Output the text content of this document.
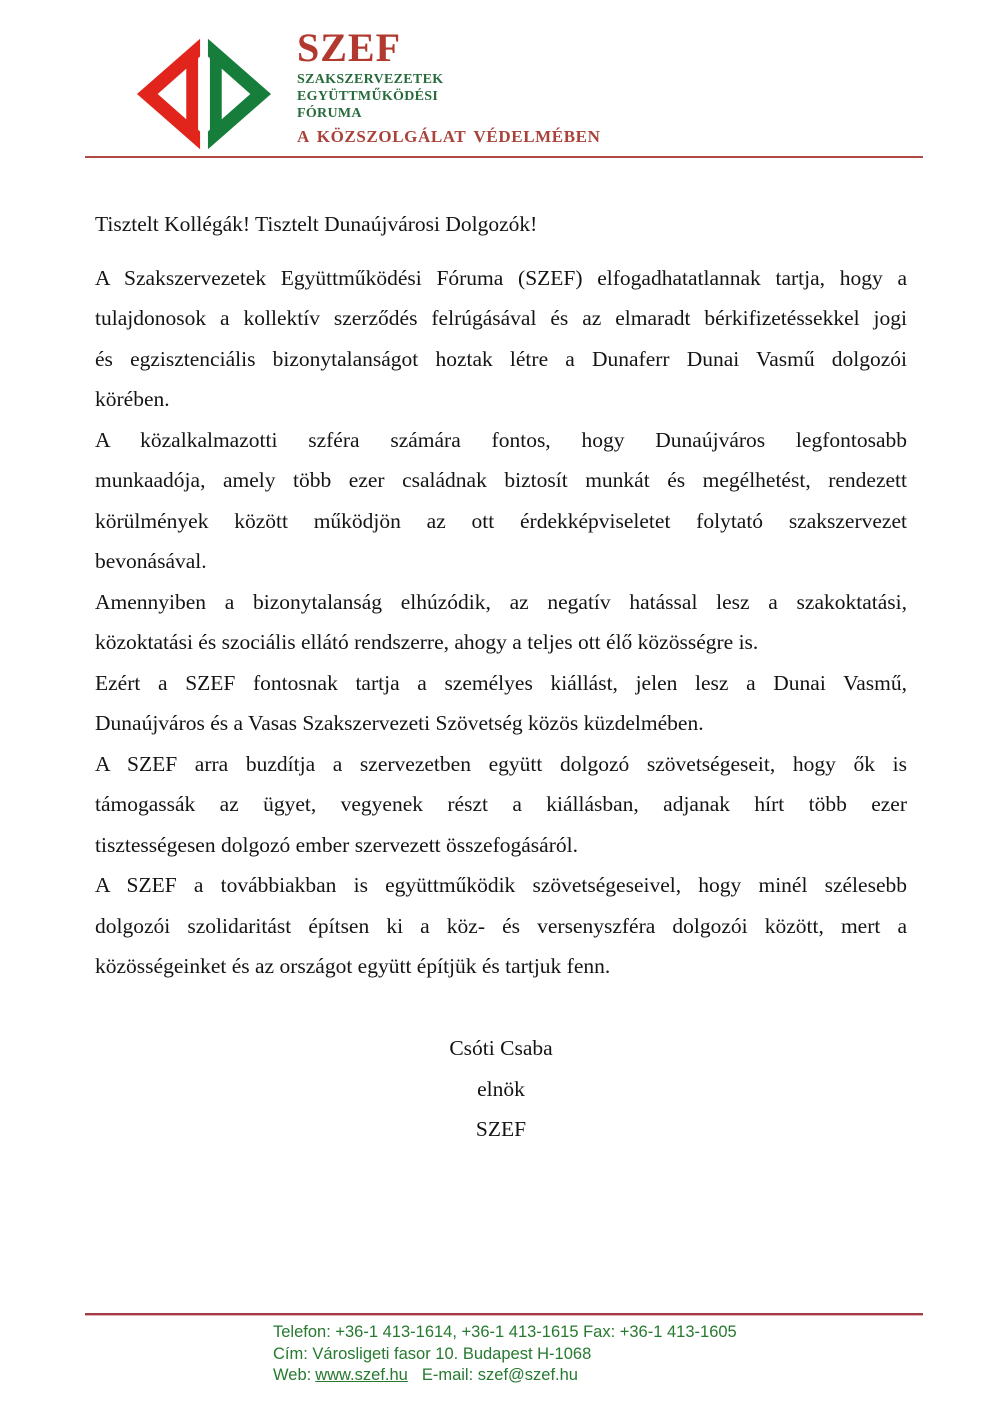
SZEF
SZAKSZERVEZETEK
EGYÜTTMŰKÖDÉSI
FÓRUMA
A KÖZSZOLGÁLAT VÉDELMÉBEN

Tisztelt Kollégák! Tisztelt Dunaújvárosi Dolgozók!

A Szakszervezetek Együttműködési Fóruma (SZEF) elfogadhatatlannak tartja, hogy a
tulajdonosok a kollektív szerződés felrúgásával és az elmaradt bérkifizetéssekkel jogi
és egzisztenciális bizonytalanságot hoztak létre a Dunaferr Dunai Vasmű dolgozói
körében.
A közalkalmazotti szféra számára fontos, hogy Dunaújváros legfontosabb
munkaadója, amely több ezer családnak biztosít munkát és megélhetést, rendezett
körülmények között működjön az ott érdekképviseletet folytató szakszervezet
bevonásával.
Amennyiben a bizonytalanság elhúzódik, az negatív hatással lesz a szakoktatási,
közoktatási és szociális ellátó rendszerre, ahogy a teljes ott élő közösségre is.
Ezért a SZEF fontosnak tartja a személyes kiállást, jelen lesz a Dunai Vasmű,
Dunaújváros és a Vasas Szakszervezeti Szövetség közös küzdelmében.
A SZEF arra buzdítja a szervezetben együtt dolgozó szövetségeseit, hogy ők is
támogassák az ügyet, vegyenek részt a kiállásban, adjanak hírt több ezer
tisztességesen dolgozó ember szervezett összefogásáról.
A SZEF a továbbiakban is együttműködik szövetségeseivel, hogy minél szélesebb
dolgozói szolidaritást építsen ki a köz- és versenyszféra dolgozói között, mert a
közösségeinket és az országot együtt építjük és tartjuk fenn.
Csóti Csaba
elnök
SZEF
Telefon: +36-1 413-1614, +36-1 413-1615 Fax: +36-1 413-1605
Cím: Városligeti fasor 10. Budapest H-1068
Web: www.szef.hu E-mail: szef@szef.hu
